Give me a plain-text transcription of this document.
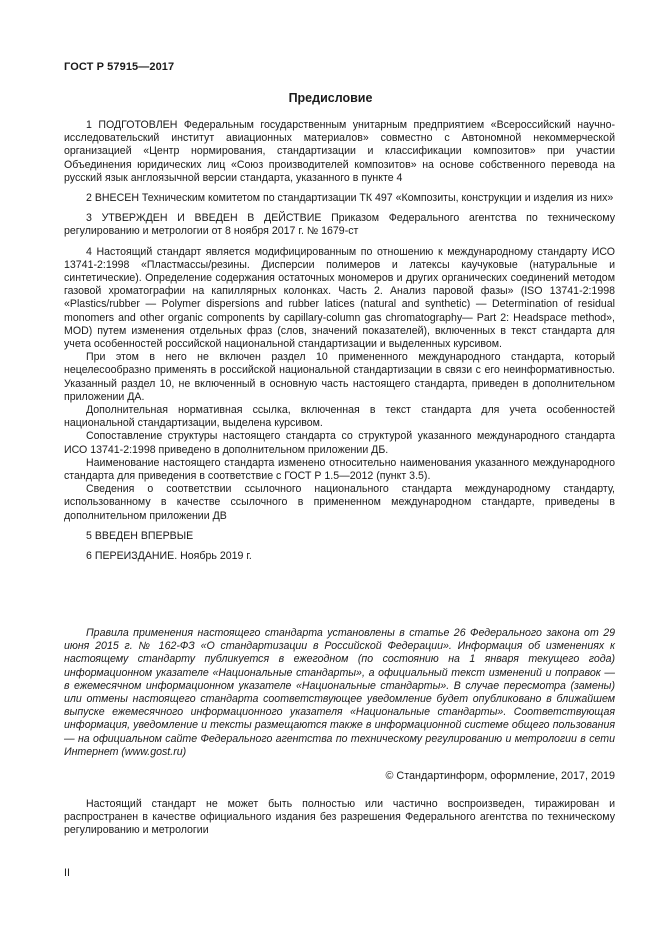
ГОСТ Р 57915—2017
Предисловие

1 ПОДГОТОВЛЕН Федеральным государственным унитарным предприятием «Всероссийский научно-исследовательский институт авиационных материалов» совместно с Автономной некоммерческой организацией «Центр нормирования, стандартизации и классификации композитов» при участии Объединения юридических лиц «Союз производителей композитов» на основе собственного перевода на русский язык англоязычной версии стандарта, указанного в пункте 4

2 ВНЕСЕН Техническим комитетом по стандартизации ТК 497 «Композиты, конструкции и изделия из них»

3 УТВЕРЖДЕН И ВВЕДЕН В ДЕЙСТВИЕ Приказом Федерального агентства по техническому регулированию и метрологии от 8 ноября 2017 г. № 1679-ст

4 Настоящий стандарт является модифицированным по отношению к международному стандарту ИСО 13741-2:1998 «Пластмассы/резины. Дисперсии полимеров и латексы каучуковые (натуральные и синтетические). Определение содержания остаточных мономеров и других органических соединений методом газовой хроматографии на капиллярных колонках. Часть 2. Анализ паровой фазы» (ISO 13741-2:1998 «Plastics/rubber — Polymer dispersions and rubber latices (natural and synthetic) — Determination of residual monomers and other organic components by capillary-column gas chromatography— Part 2: Headspace method», MOD) путем изменения отдельных фраз (слов, значений показателей), включенных в текст стандарта для учета особенностей российской национальной стандартизации и выделенных курсивом.

При этом в него не включен раздел 10 примененного международного стандарта, который нецелесообразно применять в российской национальной стандартизации в связи с его неинформативностью. Указанный раздел 10, не включенный в основную часть настоящего стандарта, приведен в дополнительном приложении ДА.

Дополнительная нормативная ссылка, включенная в текст стандарта для учета особенностей национальной стандартизации, выделена курсивом.

Сопоставление структуры настоящего стандарта со структурой указанного международного стандарта ИСО 13741-2:1998 приведено в дополнительном приложении ДБ.

Наименование настоящего стандарта изменено относительно наименования указанного международного стандарта для приведения в соответствие с ГОСТ Р 1.5—2012 (пункт 3.5).

Сведения о соответствии ссылочного национального стандарта международному стандарту, использованному в качестве ссылочного в примененном международном стандарте, приведены в дополнительном приложении ДВ

5 ВВЕДЕН ВПЕРВЫЕ

6 ПЕРЕИЗДАНИЕ. Ноябрь 2019 г.

Правила применения настоящего стандарта установлены в статье 26 Федерального закона от 29 июня 2015 г. № 162-ФЗ «О стандартизации в Российской Федерации». Информация об изменениях к настоящему стандарту публикуется в ежегодном (по состоянию на 1 января текущего года) информационном указателе «Национальные стандарты», а официальный текст изменений и поправок — в ежемесячном информационном указателе «Национальные стандарты». В случае пересмотра (замены) или отмены настоящего стандарта соответствующее уведомление будет опубликовано в ближайшем выпуске ежемесячного информационного указателя «Национальные стандарты». Соответствующая информация, уведомление и тексты размещаются также в информационной системе общего пользования — на официальном сайте Федерального агентства по техническому регулированию и метрологии в сети Интернет (www.gost.ru)
© Стандартинформ, оформление, 2017, 2019
Настоящий стандарт не может быть полностью или частично воспроизведен, тиражирован и распространен в качестве официального издания без разрешения Федерального агентства по техническому регулированию и метрологии
II
